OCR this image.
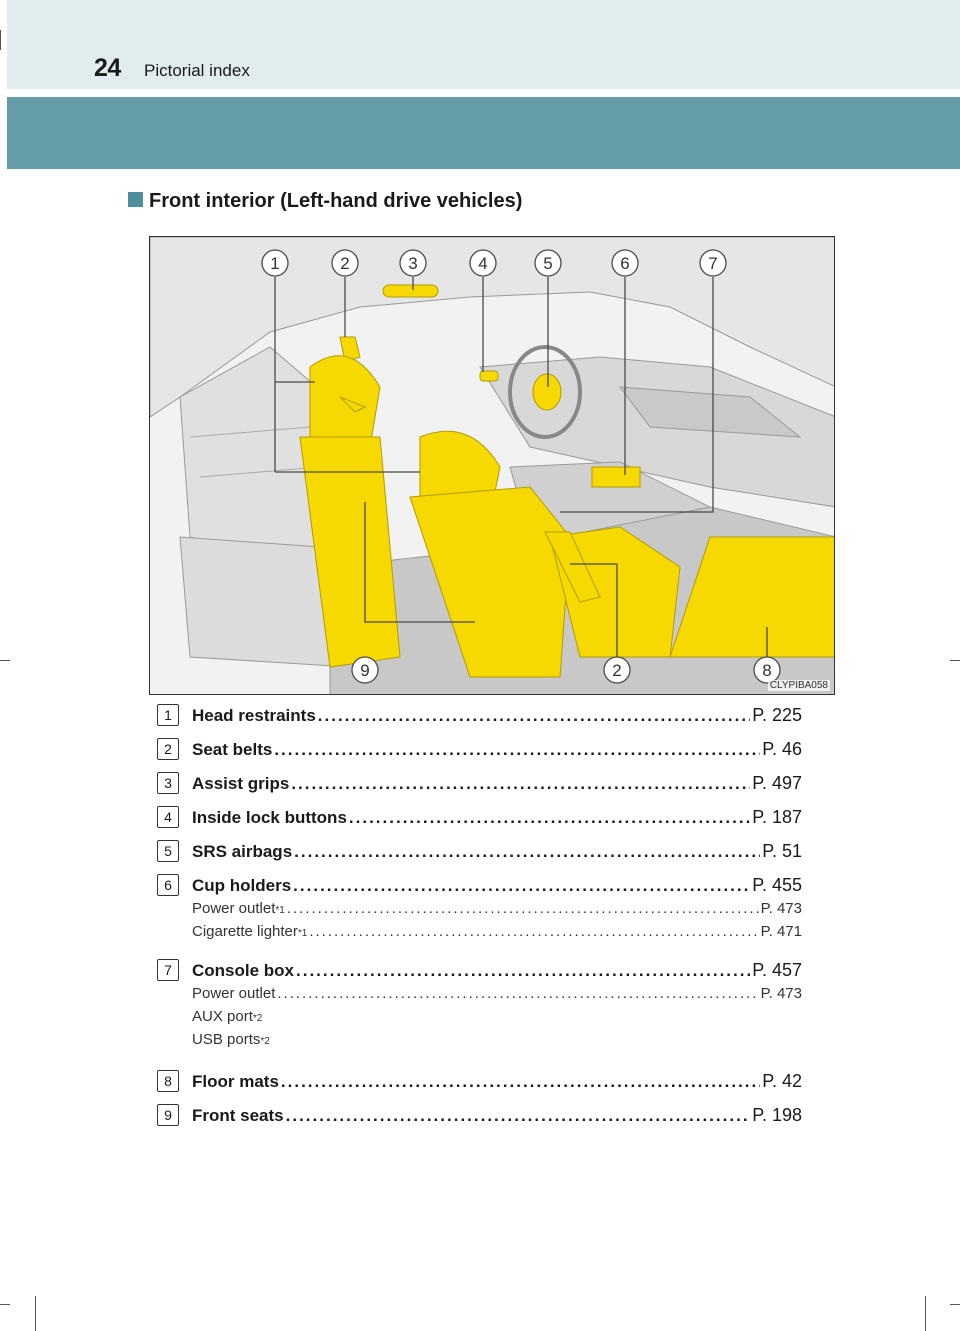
24 Pictorial index
Front interior (Left-hand drive vehicles)
1	2	3	4	5	6	7
9	2	8
CLYPIBA058
1	Head restraints .....	P. 225
2	Seat belts .....	P. 46
3	Assist grips .....	P. 497
4	Inside lock buttons .....	P. 187
5	SRS airbags .....	P. 51
6	Cup holders .....	P. 455
Power outlet *1 .....	P. 473
Cigarette lighter *1 .....	P. 471
7	Console box .....	P. 457
Power outlet .....	P. 473
AUX port *2
USB ports *2
8	Floor mats .....	P. 42
9	Front seats .....	P. 198
